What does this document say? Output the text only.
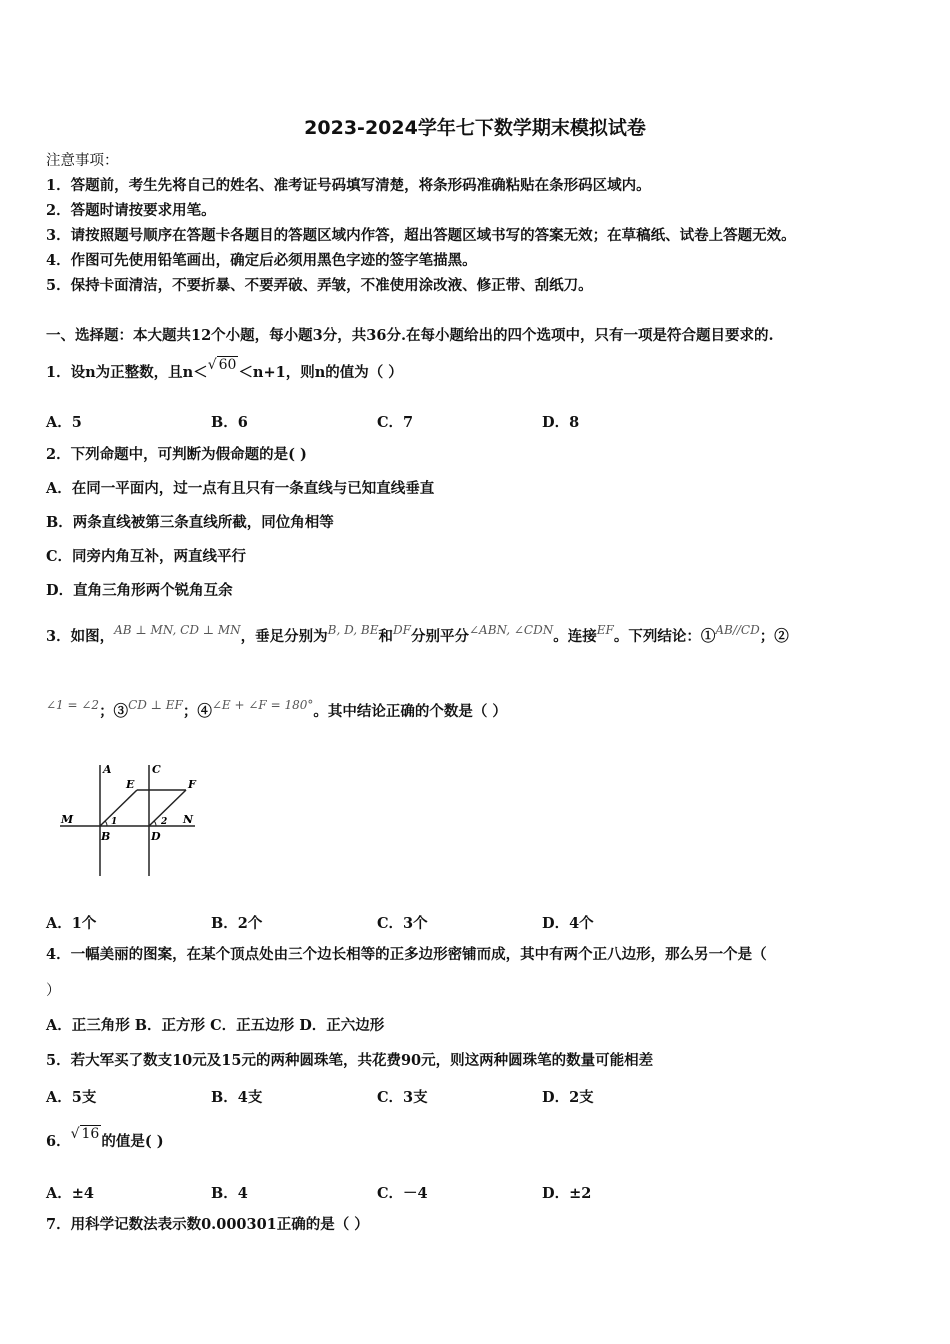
2023-2024学年七下数学期末模拟试卷
注意事项：
1．答题前，考生先将自己的姓名、准考证号码填写清楚，将条形码准确粘贴在条形码区域内。
2．答题时请按要求用笔。
3．请按照题号顺序在答题卡各题目的答题区域内作答，超出答题区域书写的答案无效；在草稿纸、试卷上答题无效。
4．作图可先使用铅笔画出，确定后必须用黑色字迹的签字笔描黑。
5．保持卡面清洁，不要折暴、不要弄破、弄皱，不准使用涂改液、修正带、刮纸刀。
一、选择题：本大题共12个小题，每小题3分，共36分.在每小题给出的四个选项中，只有一项是符合题目要求的.
1．设n为正整数，且n＜√ 60 ＜n+1，则n的值为（ ）
A．5	B．6	C．7	D．8
2．下列命题中，可判断为假命题的是( )
A．在同一平面内，过一点有且只有一条直线与已知直线垂直
B．两条直线被第三条直线所截，同位角相等
C．同旁内角互补，两直线平行
D．直角三角形两个锐角互余
3．如图，$^{AB \perp MN, CD \perp MN}$，垂足分别为$^{B, D, BE}$和$^{DF}$分别平分$^{\angle ABN, \angle CDN}$。连接$^{EF}$。下列结论：①$^{AB//CD}$；②
$^{\angle 1 = \angle 2}$；③$^{CD \perp EF}$；④$^{\angle E + \angle F = 180^\circ}$。其中结论正确的个数是（ ）
A	C
E	F
M	N
B	D
1	2
A．1个	B．2个	C．3个	D．4个
4．一幅美丽的图案，在某个顶点处由三个边长相等的正多边形密铺而成，其中有两个正八边形，那么另一个是（
）
A．正三角形 B．正方形 C．正五边形 D．正六边形
5．若大军买了数支10元及15元的两种圆珠笔，共花费90元，则这两种圆珠笔的数量可能相差
A．5支	B．4支	C．3支	D．2支
6．√ 16 的值是( )
A．±4	B．4	C．－4	D．±2
7．用科学记数法表示数0.000301正确的是（ ）
